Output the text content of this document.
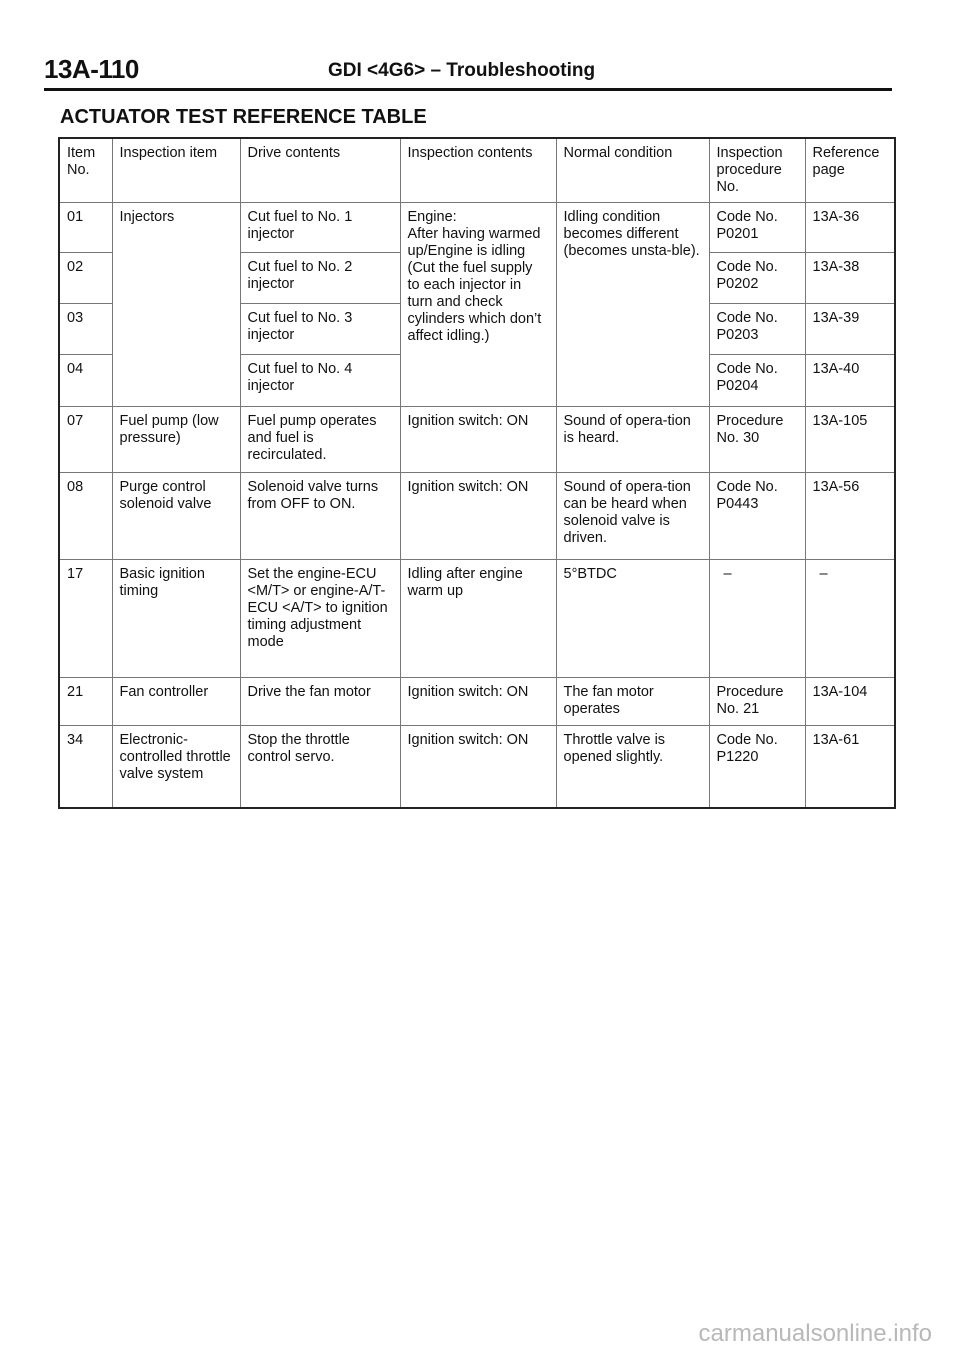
13A-110	GDI <4G6> – Troubleshooting
ACTUATOR TEST REFERENCE TABLE
Item No.	Inspection item	Drive contents	Inspection contents	Normal condition	Inspection procedure No.	Reference page
01	Injectors	Cut fuel to No. 1 injector	Engine:
After having warmed up/Engine is idling
(Cut the fuel supply to each injector in turn and check cylinders which don’t affect idling.)	Idling condition becomes different (becomes unsta-ble).	Code No. P0201	13A-36
02		Cut fuel to No. 2 injector			Code No. P0202	13A-38
03		Cut fuel to No. 3 injector			Code No. P0203	13A-39
04		Cut fuel to No. 4 injector			Code No. P0204	13A-40
07	Fuel pump (low pressure)	Fuel pump operates and fuel is recirculated.	Ignition switch: ON	Sound of opera-tion is heard.	Procedure No. 30	13A-105
08	Purge control solenoid valve	Solenoid valve turns from OFF to ON.	Ignition switch: ON	Sound of opera-tion can be heard when solenoid valve is driven.	Code No. P0443	13A-56
17	Basic ignition timing	Set the engine-ECU <M/T> or engine-A/T-ECU <A/T> to ignition timing adjustment mode	Idling after engine warm up	5°BTDC	–	–
21	Fan controller	Drive the fan motor	Ignition switch: ON	The fan motor operates	Procedure No. 21	13A-104
34	Electronic-controlled throttle valve system	Stop the throttle control servo.	Ignition switch: ON	Throttle valve is opened slightly.	Code No. P1220	13A-61
carmanualsonline.info
